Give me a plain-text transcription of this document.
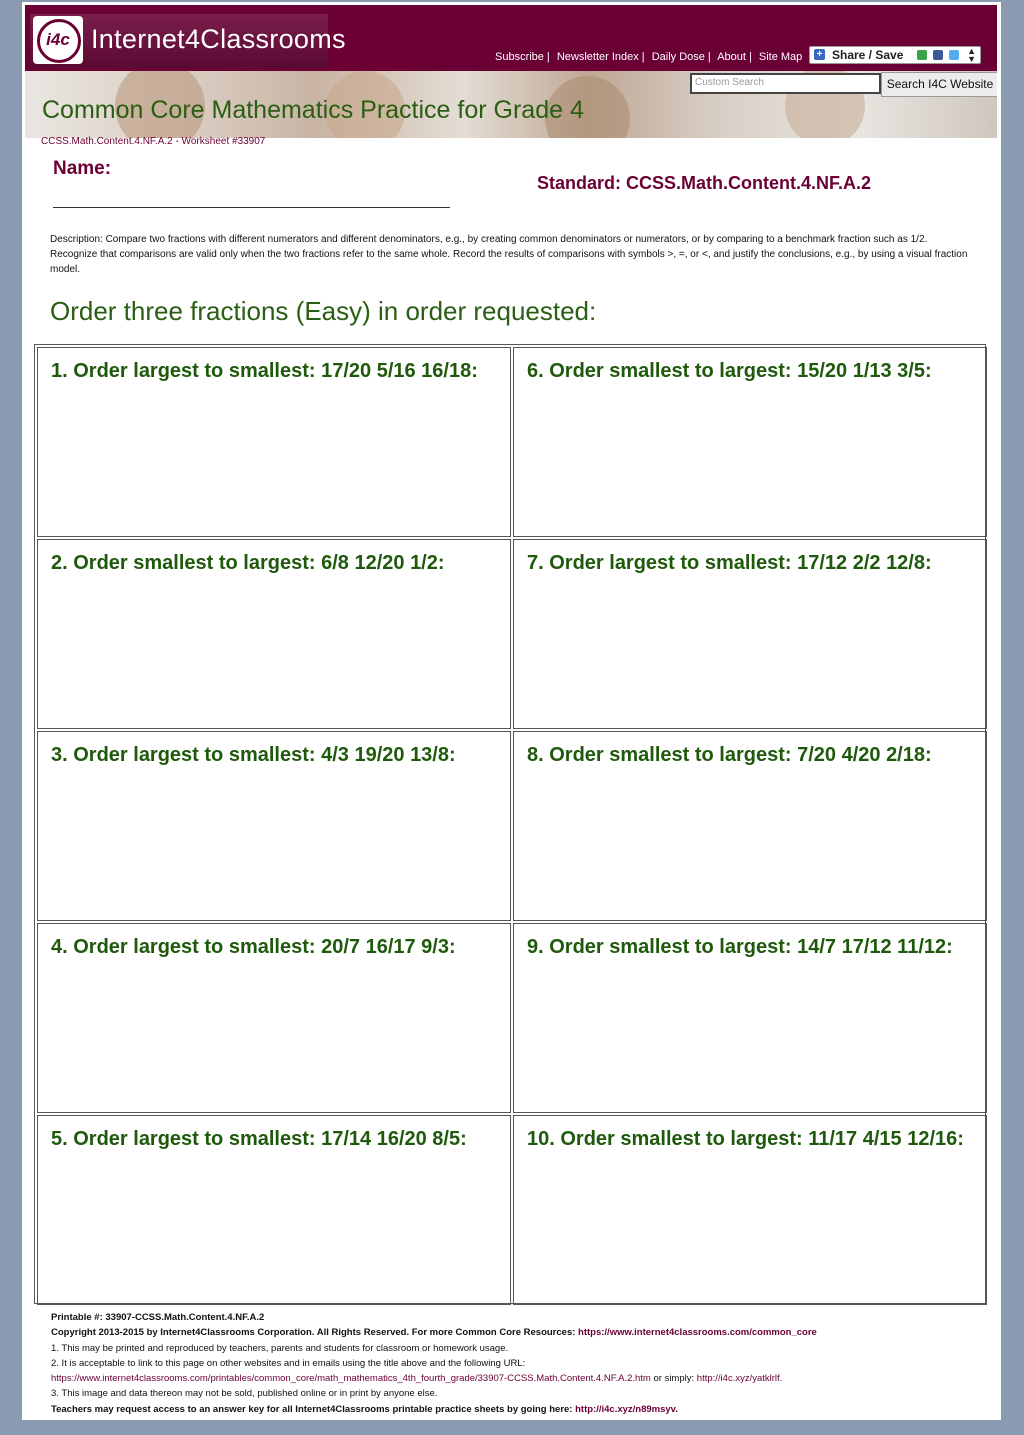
i4c Internet4Classrooms
Subscribe | Newsletter Index | Daily Dose | About | Site Map + Share / Save	▲
▼
Common Core Mathematics Practice for Grade 4
Custom Search	Search I4C Website
CCSS.Math.Content.4.NF.A.2 - Worksheet #33907
Name:
Standard: CCSS.Math.Content.4.NF.A.2
Description: Compare two fractions with different numerators and different denominators, e.g., by creating common denominators or numerators, or by comparing to a benchmark fraction such as 1/2. Recognize that comparisons are valid only when the two fractions refer to the same whole. Record the results of comparisons with symbols >, =, or <, and justify the conclusions, e.g., by using a visual fraction model.
Order three fractions (Easy) in order requested:
1. Order largest to smallest: 17/20 5/16 16/18:
2. Order smallest to largest: 6/8 12/20 1/2:
3. Order largest to smallest: 4/3 19/20 13/8:
4. Order largest to smallest: 20/7 16/17 9/3:
5. Order largest to smallest: 17/14 16/20 8/5:
6. Order smallest to largest: 15/20 1/13 3/5:
7. Order largest to smallest: 17/12 2/2 12/8:
8. Order smallest to largest: 7/20 4/20 2/18:
9. Order smallest to largest: 14/7 17/12 11/12:
10. Order smallest to largest: 11/17 4/15 12/16:
Printable #: 33907-CCSS.Math.Content.4.NF.A.2
Copyright 2013-2015 by Internet4Classrooms Corporation. All Rights Reserved. For more Common Core Resources: https://www.internet4classrooms.com/common_core
1. This may be printed and reproduced by teachers, parents and students for classroom or homework usage.
2. It is acceptable to link to this page on other websites and in emails using the title above and the following URL:
https://www.internet4classrooms.com/printables/common_core/math_mathematics_4th_fourth_grade/33907-CCSS.Math.Content.4.NF.A.2.htm or simply: http://i4c.xyz/yatklrlf.
3. This image and data thereon may not be sold, published online or in print by anyone else.
Teachers may request access to an answer key for all Internet4Classrooms printable practice sheets by going here: http://i4c.xyz/n89msyv.
